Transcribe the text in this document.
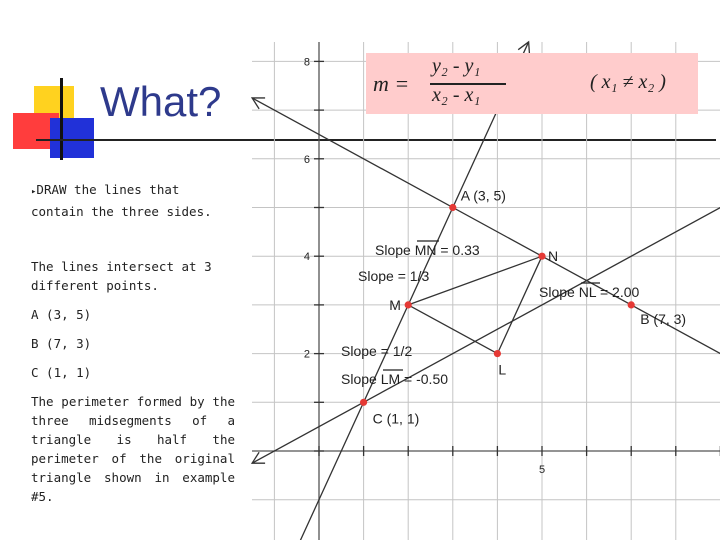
What?
▸DRAW the lines that contain the three sides.
The lines intersect at 3 different points.
A (3, 5)
B (7, 3)
C (1, 1)
The perimeter formed by the three midsegments of a triangle is half the perimeter of the original triangle shown in example #5.
8
6
4
2
5
A (3, 5)
B (7, 3)
C (1, 1)
N
M
L
Slope MN = 0.33
Slope = 1/3
Slope NL = 2.00
Slope = 1/2
Slope LM = -0.50
m =
y₂ - y₁
x₂ - x₁
( x₁ ≠ x₂ )
